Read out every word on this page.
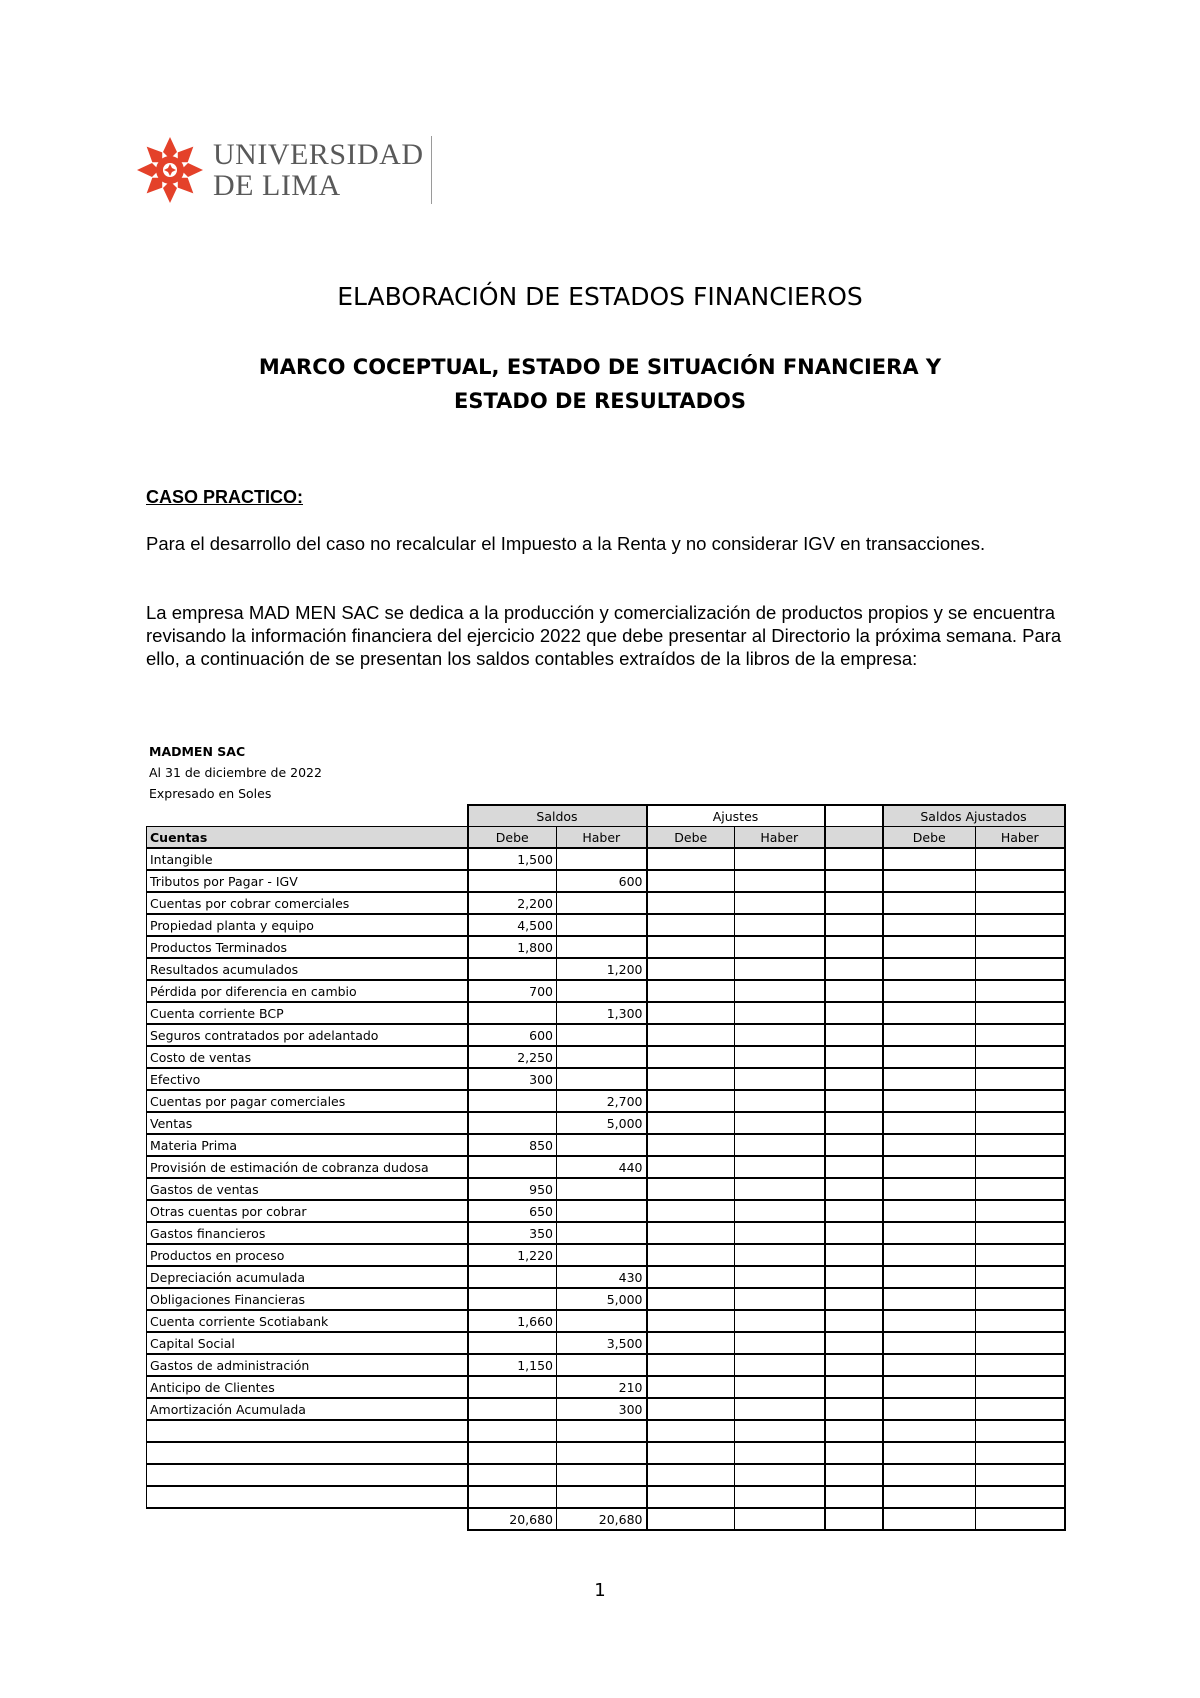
UNIVERSIDAD
DE LIMA
ELABORACIÓN DE ESTADOS FINANCIEROS
MARCO COCEPTUAL, ESTADO DE SITUACIÓN FNANCIERA Y
ESTADO DE RESULTADOS
CASO PRACTICO:
Para el desarrollo del caso no recalcular el Impuesto a la Renta y no considerar IGV en transacciones.
La empresa MAD MEN SAC se dedica a la producción y comercialización de productos propios y se encuentra revisando la información financiera del ejercicio 2022 que debe presentar al Directorio la próxima semana. Para ello, a continuación de se presentan los saldos contables extraídos de la libros de la empresa:
MADMEN SAC
Al 31 de diciembre de 2022
Expresado en Soles
	Saldos		Ajustes			Saldos Ajustados	
Cuentas	Debe	Haber	Debe	Haber		Debe	Haber
Intangible	1,500						
Tributos por Pagar - IGV		600					
Cuentas por cobrar comerciales	2,200						
Propiedad planta y equipo	4,500						
Productos Terminados	1,800						
Resultados acumulados		1,200					
Pérdida por diferencia en cambio	700						
Cuenta corriente BCP		1,300					
Seguros contratados por adelantado	600						
Costo de ventas	2,250						
Efectivo	300						
Cuentas por pagar comerciales		2,700					
Ventas		5,000					
Materia Prima	850						
Provisión de estimación de cobranza dudosa		440					
Gastos de ventas	950						
Otras cuentas por cobrar	650						
Gastos financieros	350						
Productos en proceso	1,220						
Depreciación acumulada		430					
Obligaciones Financieras		5,000					
Cuenta corriente Scotiabank	1,660						
Capital Social		3,500					
Gastos de administración	1,150						
Anticipo de Clientes		210					
Amortización Acumulada		300					

	20,680	20,680					
1
